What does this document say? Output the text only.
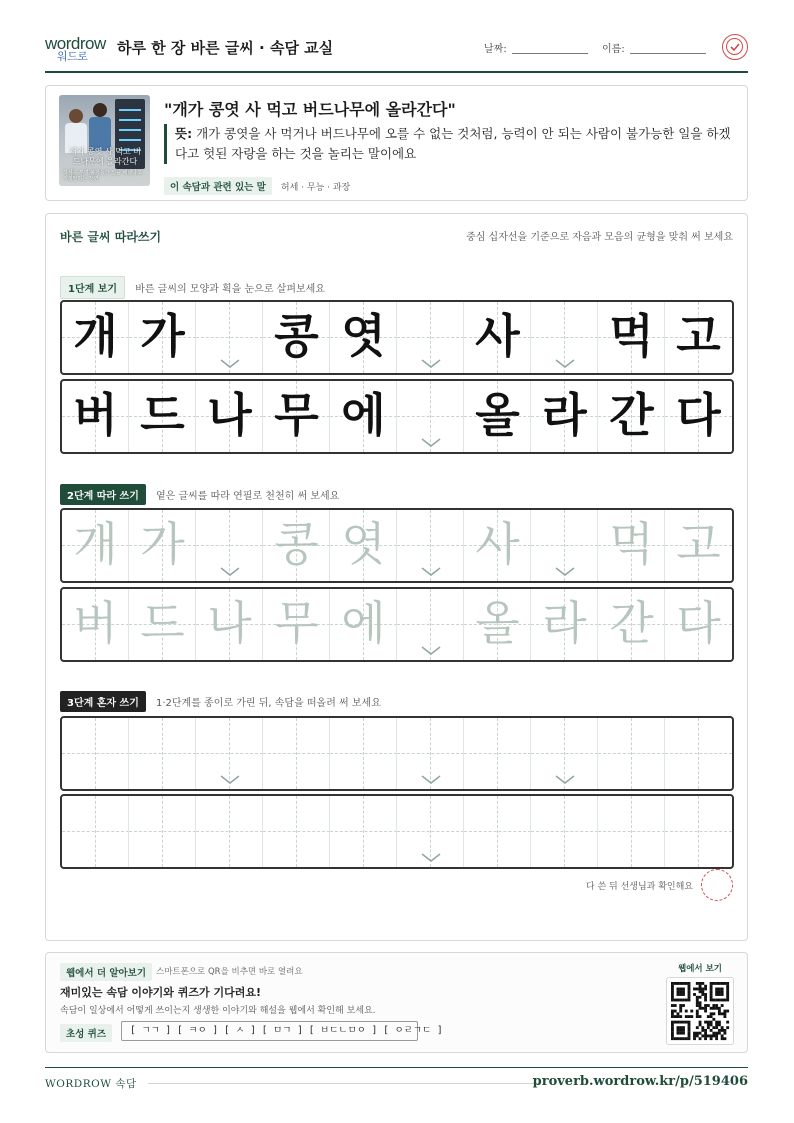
wordrow
워드로 하루 한 장 바른 글씨 · 속담 교실	날짜:	이름:
개가 콩엿 사 먹고 버드나무에 올라간다
허세를 부려 불가능한 일을 해냈다고 거짓말하는 장면
"개가 콩엿 사 먹고 버드나무에 올라간다"
뜻: 개가 콩엿을 사 먹거나 버드나무에 오를 수 없는 것처럼, 능력이 안 되는 사람이 불가능한 일을 하겠다고 헛된 자랑을 하는 것을 놀리는 말이에요
이 속담과 관련 있는 말 허세 · 무능 · 과장
바른 글씨 따라쓰기	중심 십자선을 기준으로 자음과 모음의 균형을 맞춰 써 보세요
1단계 보기 바른 글씨의 모양과 획을 눈으로 살펴보세요
개 가 콩 엿 사 먹 고
버 드 나 무 에 올 라 간 다
2단계 따라 쓰기 옅은 글씨를 따라 연필로 천천히 써 보세요
개 가 콩 엿 사 먹 고
버 드 나 무 에 올 라 간 다
3단계 혼자 쓰기 1·2단계를 종이로 가린 뒤, 속담을 떠올려 써 보세요
다 쓴 뒤 선생님과 확인해요
웹에서 더 알아보기	스마트폰으로 QR을 비추면 바로 열려요
재미있는 속담 이야기와 퀴즈가 기다려요!
속담이 일상에서 어떻게 쓰이는지 생생한 이야기와 해설을 웹에서 확인해 보세요.
초성 퀴즈	[ ㄱㄱ ] [ ㅋㅇ ] [ ㅅ ] [ ㅁㄱ ] [ ㅂㄷㄴㅁㅇ ] [ ㅇㄹㄱㄷ ]
웹에서 보기
WORDROW 속담	proverb.wordrow.kr/p/519406
